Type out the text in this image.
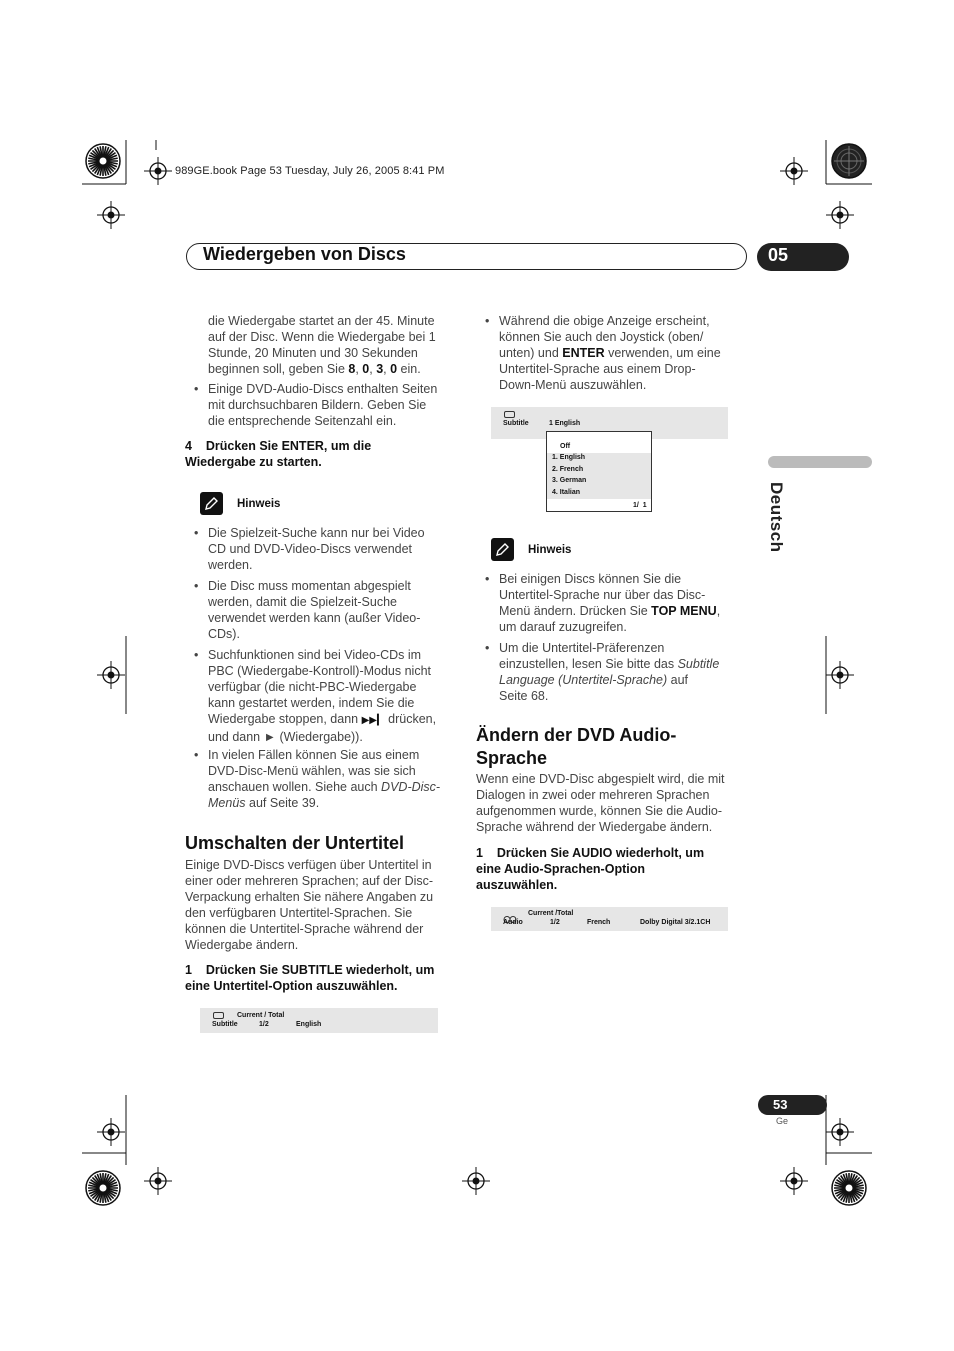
989GE.book Page 53 Tuesday, July 26, 2005 8:41 PM
Wiedergeben von Discs	05
Deutsch
die Wiedergabe startet an der 45. Minute
auf der Disc. Wenn die Wiedergabe bei 1
Stunde, 20 Minuten und 30 Sekunden
beginnen soll, geben Sie 8, 0, 3, 0 ein.
• Einige DVD-Audio-Discs enthalten Seiten
mit durchsuchbaren Bildern. Geben Sie
die entsprechende Seitenzahl ein.
4    Drücken Sie ENTER, um die
Wiedergabe zu starten.
Hinweis
• Die Spielzeit-Suche kann nur bei Video
CD und DVD-Video-Discs verwendet
werden.
• Die Disc muss momentan abgespielt
werden, damit die Spielzeit-Suche
verwendet werden kann (außer Video-
CDs).
• Suchfunktionen sind bei Video-CDs im
PBC (Wiedergabe-Kontroll)-Modus nicht
verfügbar (die nicht-PBC-Wiedergabe
kann gestartet werden, indem Sie die
Wiedergabe stoppen, dann ▶▶▎ drücken,
und dann ► (Wiedergabe)).
• In vielen Fällen können Sie aus einem
DVD-Disc-Menü wählen, was sie sich
anschauen wollen. Siehe auch DVD-Disc-
Menüs auf Seite 39.
Umschalten der Untertitel
Einige DVD-Discs verfügen über Untertitel in
einer oder mehreren Sprachen; auf der Disc-
Verpackung erhalten Sie nähere Angaben zu
den verfügbaren Untertitel-Sprachen. Sie
können die Untertitel-Sprache während der
Wiedergabe ändern.
1    Drücken Sie SUBTITLE wiederholt, um
eine Untertitel-Option auszuwählen.
Current / Total
Subtitle	1/2	English
• Während die obige Anzeige erscheint,
können Sie auch den Joystick (oben/
unten) und ENTER verwenden, um eine
Untertitel-Sprache aus einem Drop-
Down-Menü auszuwählen.
Subtitle	1 English
Off
1. English
2. French
3. German
4. Italian
1/  1
Hinweis
• Bei einigen Discs können Sie die
Untertitel-Sprache nur über das Disc-
Menü ändern. Drücken Sie TOP MENU,
um darauf zuzugreifen.
• Um die Untertitel-Präferenzen
einzustellen, lesen Sie bitte das Subtitle
Language (Untertitel-Sprache) auf
Seite 68.
Ändern der DVD Audio-
Sprache
Wenn eine DVD-Disc abgespielt wird, die mit
Dialogen in zwei oder mehreren Sprachen
aufgenommen wurde, können Sie die Audio-
Sprache während der Wiedergabe ändern.
1    Drücken Sie AUDIO wiederholt, um
eine Audio-Sprachen-Option
auszuwählen.
Current /Total
Audio	1/2	French	Dolby Digital 3/2.1CH
53
Ge
